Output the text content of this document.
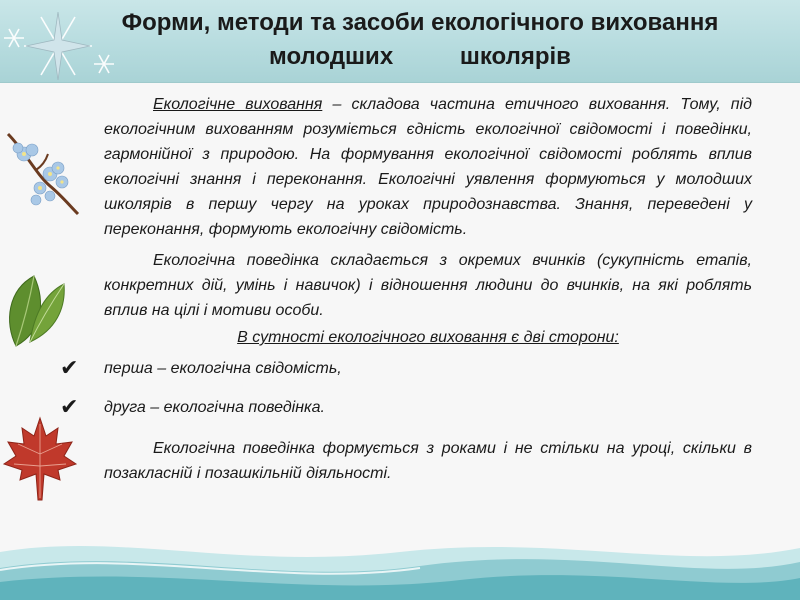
Форми, методи та засоби екологічного виховання
молодших          школярів

Екологічне виховання – складова частина етичного виховання. Тому, під екологічним вихованням розуміється єдність екологічної свідомості і поведінки, гармонійної з природою. На формування екологічної свідомості роблять вплив екологічні знання і переконання. Екологічні уявлення формуються у молодших школярів в першу чергу на уроках природознавства. Знання, переведені у переконання, формують екологічну свідомість.

Екологічна поведінка складається з окремих вчинків (сукупність етапів, конкретних дій, умінь і навичок) і відношення людини до вчинків, на які роблять вплив на цілі і мотиви особи.

В сутності екологічного виховання є дві сторони:

✔ перша – екологічна свідомість,

✔ друга – екологічна поведінка.

Екологічна поведінка формується з роками і не стільки на уроці, скільки в позакласній і позашкільній діяльності.
